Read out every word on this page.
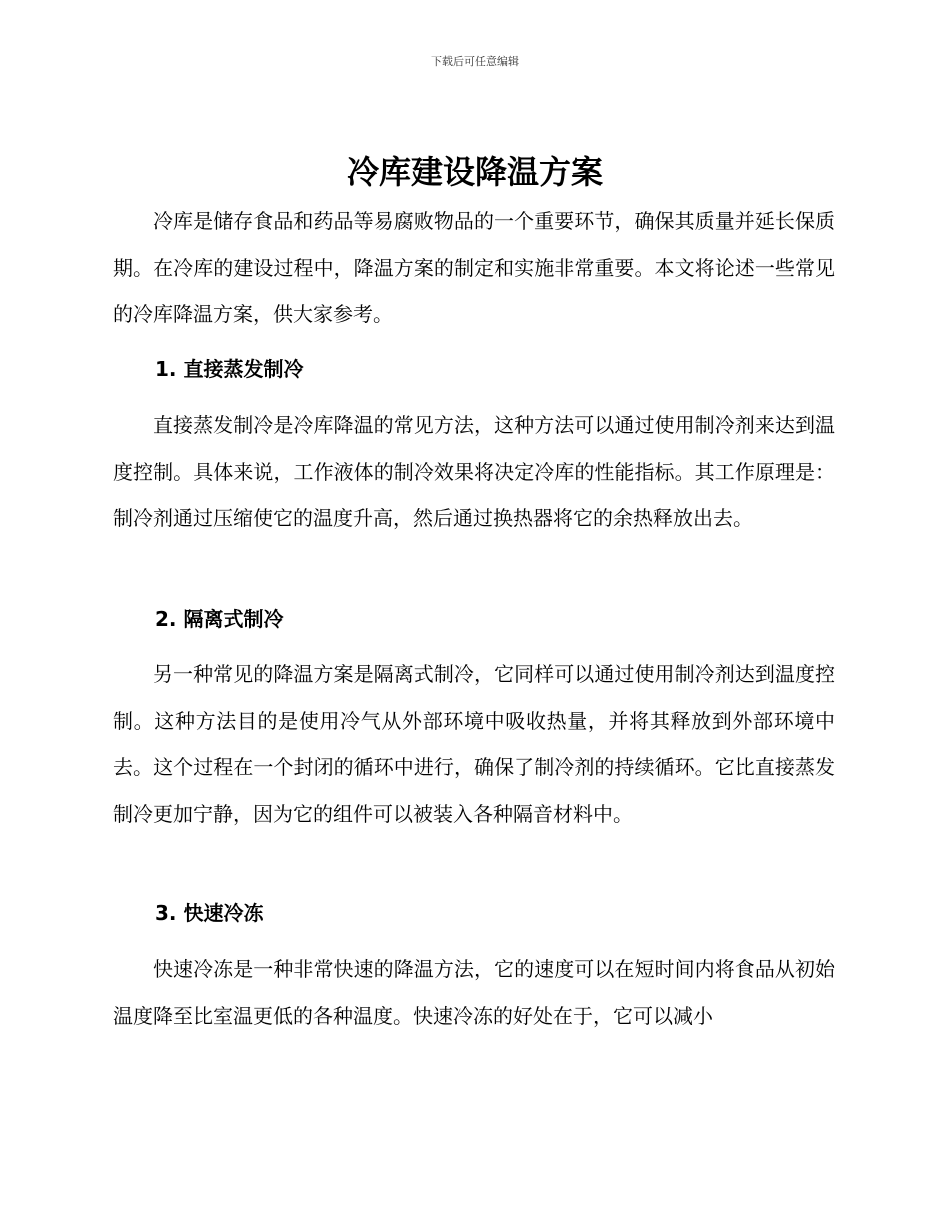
下载后可任意编辑
冷库建设降温方案

冷库是储存食品和药品等易腐败物品的一个重要环节，确保其质量并延长保质期。在冷库的建设过程中，降温方案的制定和实施非常重要。本文将论述一些常见的冷库降温方案，供大家参考。

1. 直接蒸发制冷

直接蒸发制冷是冷库降温的常见方法，这种方法可以通过使用制冷剂来达到温度控制。具体来说，工作液体的制冷效果将决定冷库的性能指标。其工作原理是：制冷剂通过压缩使它的温度升高，然后通过换热器将它的余热释放出去。

2. 隔离式制冷

另一种常见的降温方案是隔离式制冷，它同样可以通过使用制冷剂达到温度控制。这种方法目的是使用冷气从外部环境中吸收热量，并将其释放到外部环境中去。这个过程在一个封闭的循环中进行，确保了制冷剂的持续循环。它比直接蒸发制冷更加宁静，因为它的组件可以被装入各种隔音材料中。

3. 快速冷冻

快速冷冻是一种非常快速的降温方法，它的速度可以在短时间内将食品从初始温度降至比室温更低的各种温度。快速冷冻的好处在于，它可以减小
